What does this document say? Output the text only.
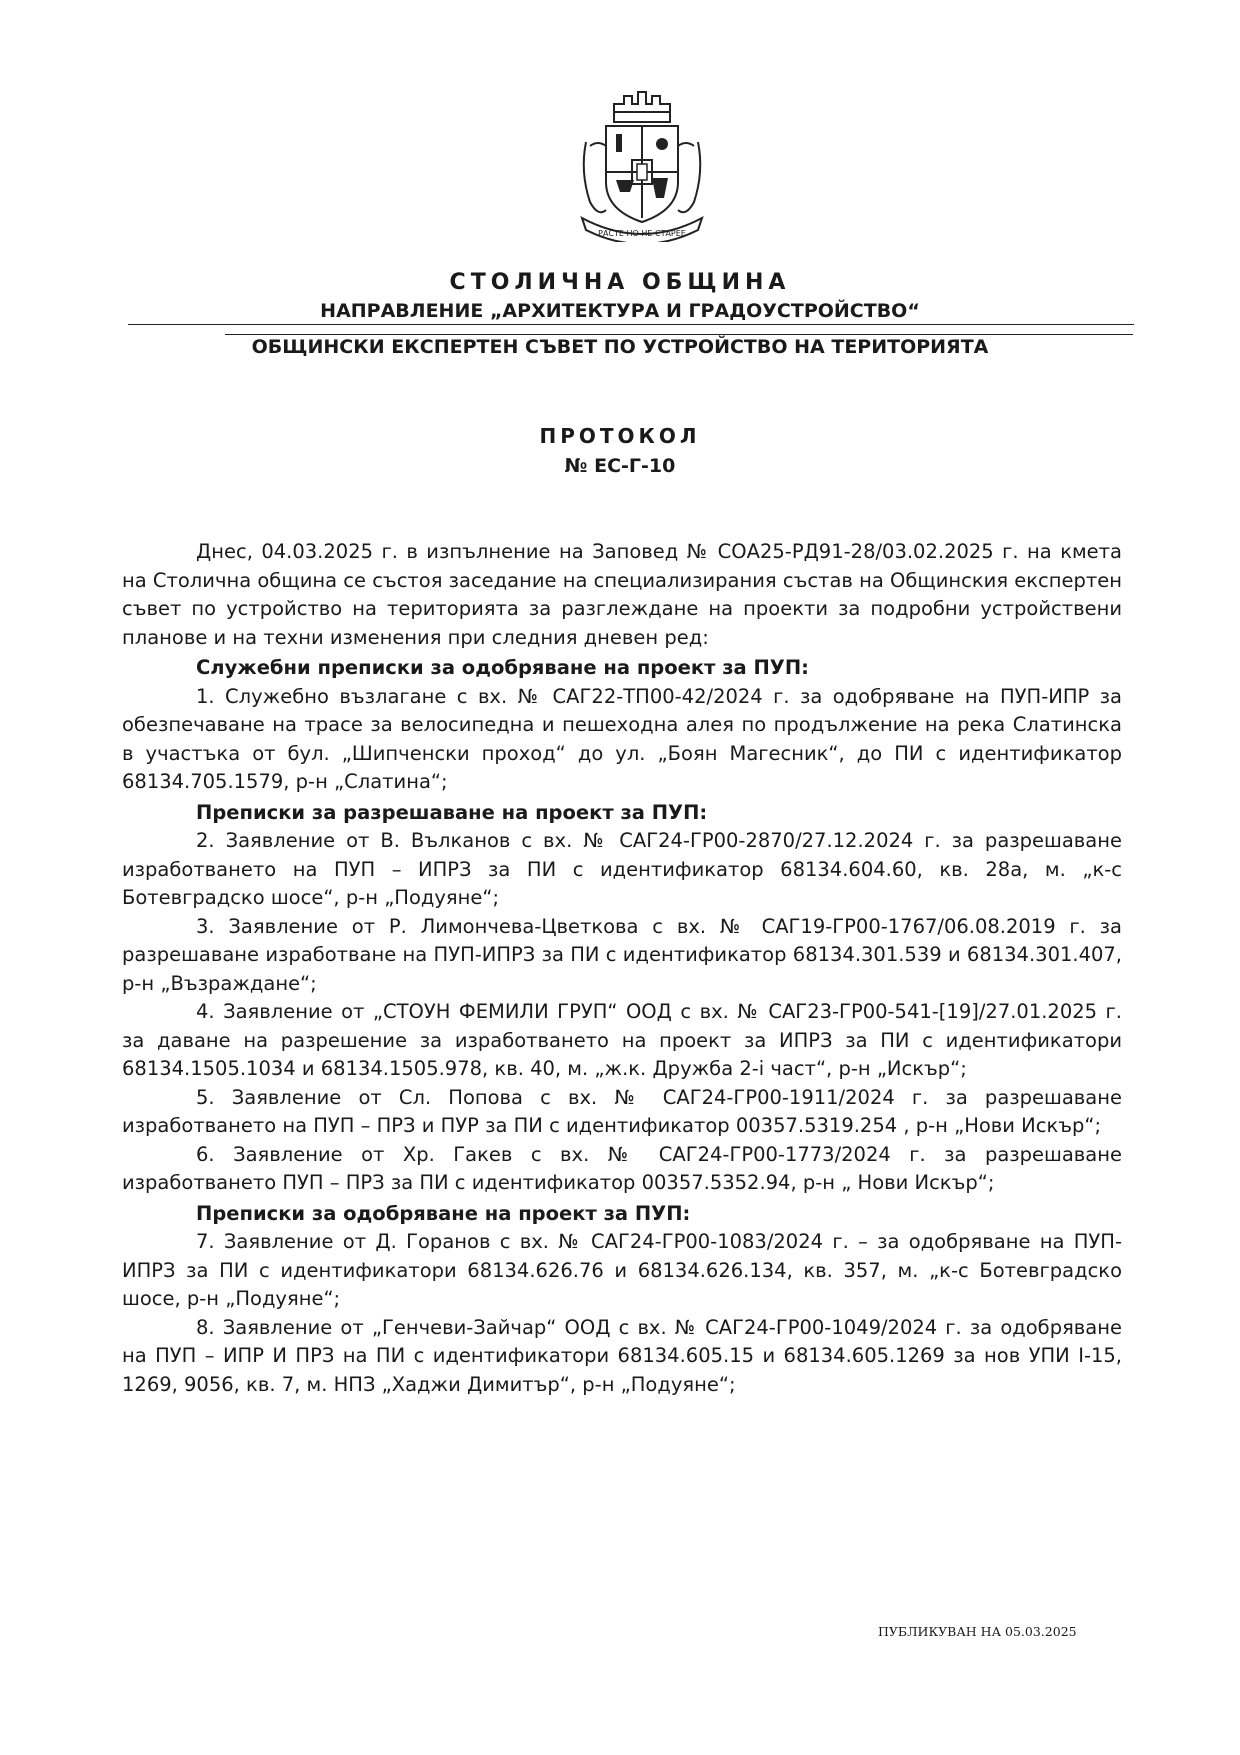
РАСТЕ НО НЕ СТАРЕЕ
СТОЛИЧНА ОБЩИНА
НАПРАВЛЕНИЕ „АРХИТЕКТУРА И ГРАДОУСТРОЙСТВО“
ОБЩИНСКИ ЕКСПЕРТЕН СЪВЕТ ПО УСТРОЙСТВО НА ТЕРИТОРИЯТА
ПРОТОКОЛ
№ ЕС-Г-10

Днес, 04.03.2025 г. в изпълнение на Заповед № СОА25-РД91-28/03.02.2025 г. на кмета на Столична община се състоя заседание на специализирания състав на Общинския експертен съвет по устройство на територията за разглеждане на проекти за подробни устройствени планове и на техни изменения при следния дневен ред:

Служебни преписки за одобряване на проект за ПУП:

1. Служебно възлагане с вх. № САГ22-ТП00-42/2024 г. за одобряване на ПУП-ИПР за обезпечаване на трасе за велосипедна и пешеходна алея по продължение на река Слатинска в участъка от бул. „Шипченски проход“ до ул. „Боян Магесник“, до ПИ с идентификатор 68134.705.1579, р-н „Слатина“;

Преписки за разрешаване на проект за ПУП:

2. Заявление от В. Вълканов с вх. № САГ24-ГР00-2870/27.12.2024 г. за разрешаване изработването на ПУП – ИПРЗ за ПИ с идентификатор 68134.604.60, кв. 28а, м. „к-с Ботевградско шосе“, р-н „Подуяне“;

3. Заявление от Р. Лимончева-Цветкова с вх. № САГ19-ГР00-1767/06.08.2019 г. за разрешаване изработване на ПУП-ИПРЗ за ПИ с идентификатор 68134.301.539 и 68134.301.407, р-н „Възраждане“;

4. Заявление от „СТОУН ФЕМИЛИ ГРУП“ ООД с вх. № САГ23-ГР00-541-[19]/27.01.2025 г. за даване на разрешение за изработването на проект за ИПРЗ за ПИ с идентификатори 68134.1505.1034 и 68134.1505.978, кв. 40, м. „ж.к. Дружба 2-i част“, р-н „Искър“;

5. Заявление от Сл. Попова с вх. № САГ24-ГР00-1911/2024 г. за разрешаване изработването на ПУП – ПРЗ и ПУР за ПИ с идентификатор 00357.5319.254 , р-н „Нови Искър“;

6. Заявление от Хр. Гакев с вх. № САГ24-ГР00-1773/2024 г. за разрешаване изработването ПУП – ПРЗ за ПИ с идентификатор 00357.5352.94, р-н „ Нови Искър“;

Преписки за одобряване на проект за ПУП:

7. Заявление от Д. Горанов с вх. № САГ24-ГР00-1083/2024 г. – за одобряване на ПУП-ИПРЗ за ПИ с идентификатори 68134.626.76 и 68134.626.134, кв. 357, м. „к-с Ботевградско шосе, р-н „Подуяне“;

8. Заявление от „Генчеви-Зайчар“ ООД с вх. № САГ24-ГР00-1049/2024 г. за одобряване на ПУП – ИПР И ПРЗ на ПИ с идентификатори 68134.605.15 и 68134.605.1269 за нов УПИ I-15, 1269, 9056, кв. 7, м. НПЗ „Хаджи Димитър“, р-н „Подуяне“;

ПУБЛИКУВАН НА 05.03.2025
